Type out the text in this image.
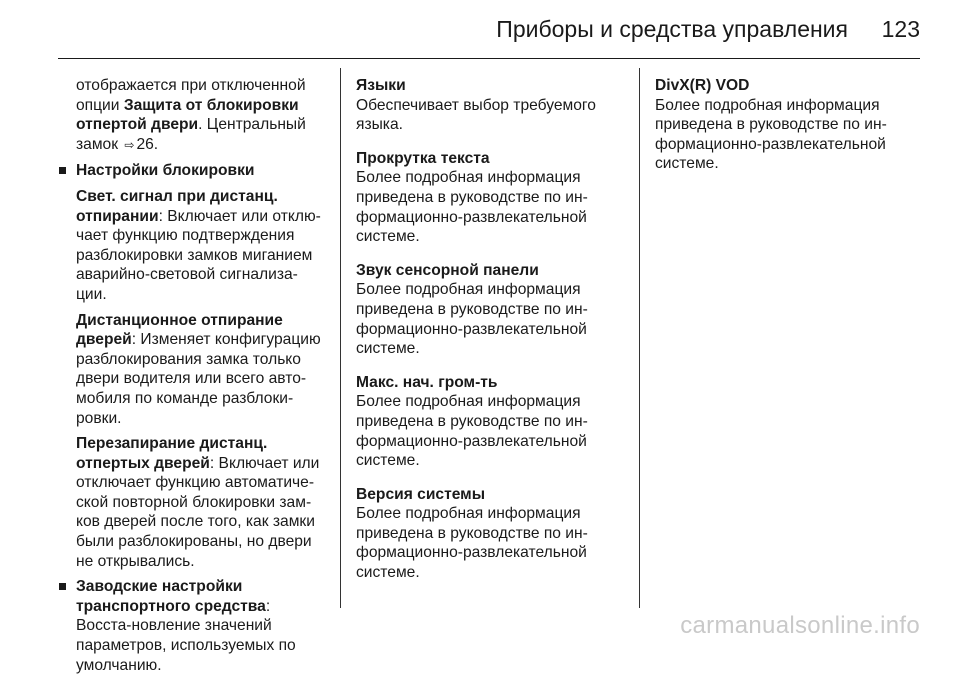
Приборы и средства управления 123

отображается при отключенной опции Защита от блокировки отпертой двери. Центральный замок ⇨ 26.

Настройки блокировки

Свет. сигнал при дистанц. отпирании: Включает или отклю-чает функцию подтверждения разблокировки замков миганием аварийно-световой сигнализа-ции.

Дистанционное отпирание дверей: Изменяет конфигурацию разблокирования замка только двери водителя или всего авто-мобиля по команде разблоки-ровки.

Перезапирание дистанц. отпертых дверей: Включает или отключает функцию автоматиче-ской повторной блокировки зам-ков дверей после того, как замки были разблокированы, но двери не открывались.

Заводские настройки транспортного средства: Восста-новление значений параметров, используемых по умолчанию.

Языки
Обеспечивает выбор требуемого языка.
Прокрутка текста
Более подробная информация приведена в руководстве по ин-формационно-развлекательной системе.
Звук сенсорной панели
Более подробная информация приведена в руководстве по ин-формационно-развлекательной системе.
Макс. нач. гром-ть
Более подробная информация приведена в руководстве по ин-формационно-развлекательной системе.
Версия системы
Более подробная информация приведена в руководстве по ин-формационно-развлекательной системе.
DivX(R) VOD
Более подробная информация приведена в руководстве по ин-формационно-развлекательной системе.
carmanualsonline.info
